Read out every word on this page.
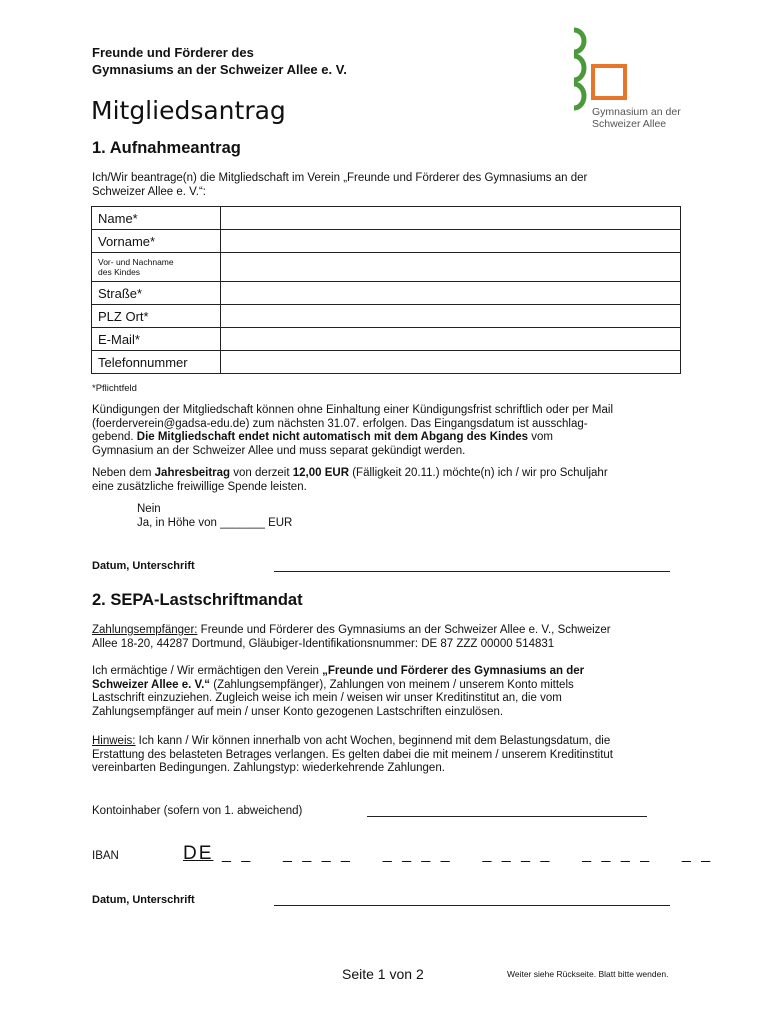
Freunde und Förderer des
Gymnasiums an der Schweizer Allee e. V.
Gymnasium an der
Schweizer Allee
Mitgliedsantrag
1. Aufnahmeantrag
Ich/Wir beantrage(n) die Mitgliedschaft im Verein „Freunde und Förderer des Gymnasiums an der
Schweizer Allee e. V.“:
Name*	
Vorname*	

Vor- und Nachname
des Kindes	

Straße*	
PLZ Ort*	
E-Mail*	
Telefonnummer	
*Pflichtfeld
Kündigungen der Mitgliedschaft können ohne Einhaltung einer Kündigungsfrist schriftlich oder per Mail
(foerderverein@gadsa-edu.de) zum nächsten 31.07. erfolgen. Das Eingangsdatum ist ausschlag-
gebend. Die Mitgliedschaft endet nicht automatisch mit dem Abgang des Kindes vom
Gymnasium an der Schweizer Allee und muss separat gekündigt werden.
Neben dem Jahresbeitrag von derzeit 12,00 EUR (Fälligkeit 20.11.) möchte(n) ich / wir pro Schuljahr
eine zusätzliche freiwillige Spende leisten.
Nein
Ja, in Höhe von _______ EUR
Datum, Unterschrift
2. SEPA-Lastschriftmandat
Zahlungsempfänger: Freunde und Förderer des Gymnasiums an der Schweizer Allee e. V., Schweizer
Allee 18-20, 44287 Dortmund, Gläubiger-Identifikationsnummer: DE 87 ZZZ 00000 514831
Ich ermächtige / Wir ermächtigen den Verein „Freunde und Förderer des Gymnasiums an der
Schweizer Allee e. V.“ (Zahlungsempfänger), Zahlungen von meinem / unserem Konto mittels
Lastschrift einzuziehen. Zugleich weise ich mein / weisen wir unser Kreditinstitut an, die vom
Zahlungsempfänger auf mein / unser Konto gezogenen Lastschriften einzulösen.
Hinweis: Ich kann / Wir können innerhalb von acht Wochen, beginnend mit dem Belastungsdatum, die
Erstattung des belasteten Betrages verlangen. Es gelten dabei die mit meinem / unserem Kreditinstitut
vereinbarten Bedingungen. Zahlungstyp: wiederkehrende Zahlungen.
Kontoinhaber (sofern von 1. abweichend)
IBAN	DE _ _    _ _ _ _    _ _ _ _    _ _ _ _    _ _ _ _    _ _
Datum, Unterschrift
Seite 1 von 2	Weiter siehe Rückseite. Blatt bitte wenden.
